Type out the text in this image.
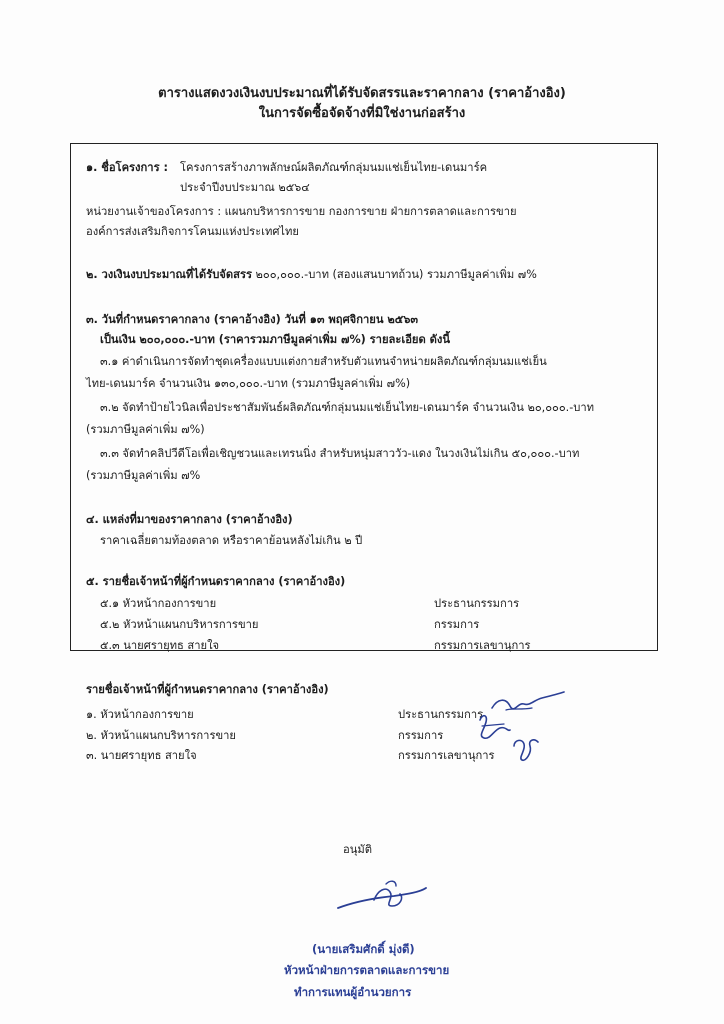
ตารางแสดงวงเงินงบประมาณที่ได้รับจัดสรรและราคากลาง (ราคาอ้างอิง)
ในการจัดซื้อจัดจ้างที่มิใช่งานก่อสร้าง
๑. ชื่อโครงการ : โครงการสร้างภาพลักษณ์ผลิตภัณฑ์กลุ่มนมแช่เย็นไทย-เดนมาร์ค
ประจำปีงบประมาณ ๒๕๖๔
หน่วยงานเจ้าของโครงการ : แผนกบริหารการขาย กองการขาย ฝ่ายการตลาดและการขาย
องค์การส่งเสริมกิจการโคนมแห่งประเทศไทย
๒. วงเงินงบประมาณที่ได้รับจัดสรร ๒๐๐,๐๐๐.-บาท (สองแสนบาทถ้วน) รวมภาษีมูลค่าเพิ่ม ๗%
๓. วันที่กำหนดราคากลาง (ราคาอ้างอิง) วันที่ ๑๓ พฤศจิกายน ๒๕๖๓
เป็นเงิน ๒๐๐,๐๐๐.-บาท (ราคารวมภาษีมูลค่าเพิ่ม ๗%) รายละเอียด ดังนี้
๓.๑ ค่าดำเนินการจัดทำชุดเครื่องแบบแต่งกายสำหรับตัวแทนจำหน่ายผลิตภัณฑ์กลุ่มนมแช่เย็น
ไทย-เดนมาร์ค จำนวนเงิน ๑๓๐,๐๐๐.-บาท (รวมภาษีมูลค่าเพิ่ม ๗%)
๓.๒ จัดทำป้ายไวนิลเพื่อประชาสัมพันธ์ผลิตภัณฑ์กลุ่มนมแช่เย็นไทย-เดนมาร์ค จำนวนเงิน ๒๐,๐๐๐.-บาท
(รวมภาษีมูลค่าเพิ่ม ๗%)
๓.๓ จัดทำคลิปวีดีโอเพื่อเชิญชวนและเทรนนิ่ง สำหรับหนุ่มสาววัว-แดง ในวงเงินไม่เกิน ๕๐,๐๐๐.-บาท
(รวมภาษีมูลค่าเพิ่ม ๗%
๔. แหล่งที่มาของราคากลาง (ราคาอ้างอิง)
ราคาเฉลี่ยตามท้องตลาด หรือราคาย้อนหลังไม่เกิน ๒ ปี
๕. รายชื่อเจ้าหน้าที่ผู้กำหนดราคากลาง (ราคาอ้างอิง)
๕.๑ หัวหน้ากองการขาย	ประธานกรรมการ
๕.๒ หัวหน้าแผนกบริหารการขาย	กรรมการ
๕.๓ นายศรายุทธ สายใจ	กรรมการเลขานุการ
รายชื่อเจ้าหน้าที่ผู้กำหนดราคากลาง (ราคาอ้างอิง)
๑. หัวหน้ากองการขาย	ประธานกรรมการ
๒. หัวหน้าแผนกบริหารการขาย	กรรมการ
๓. นายศรายุทธ สายใจ	กรรมการเลขานุการ
อนุมัติ
(นายเสริมศักดิ์ มุ่งดี)
หัวหน้าฝ่ายการตลาดและการขาย
ทำการแทนผู้อำนวยการ
